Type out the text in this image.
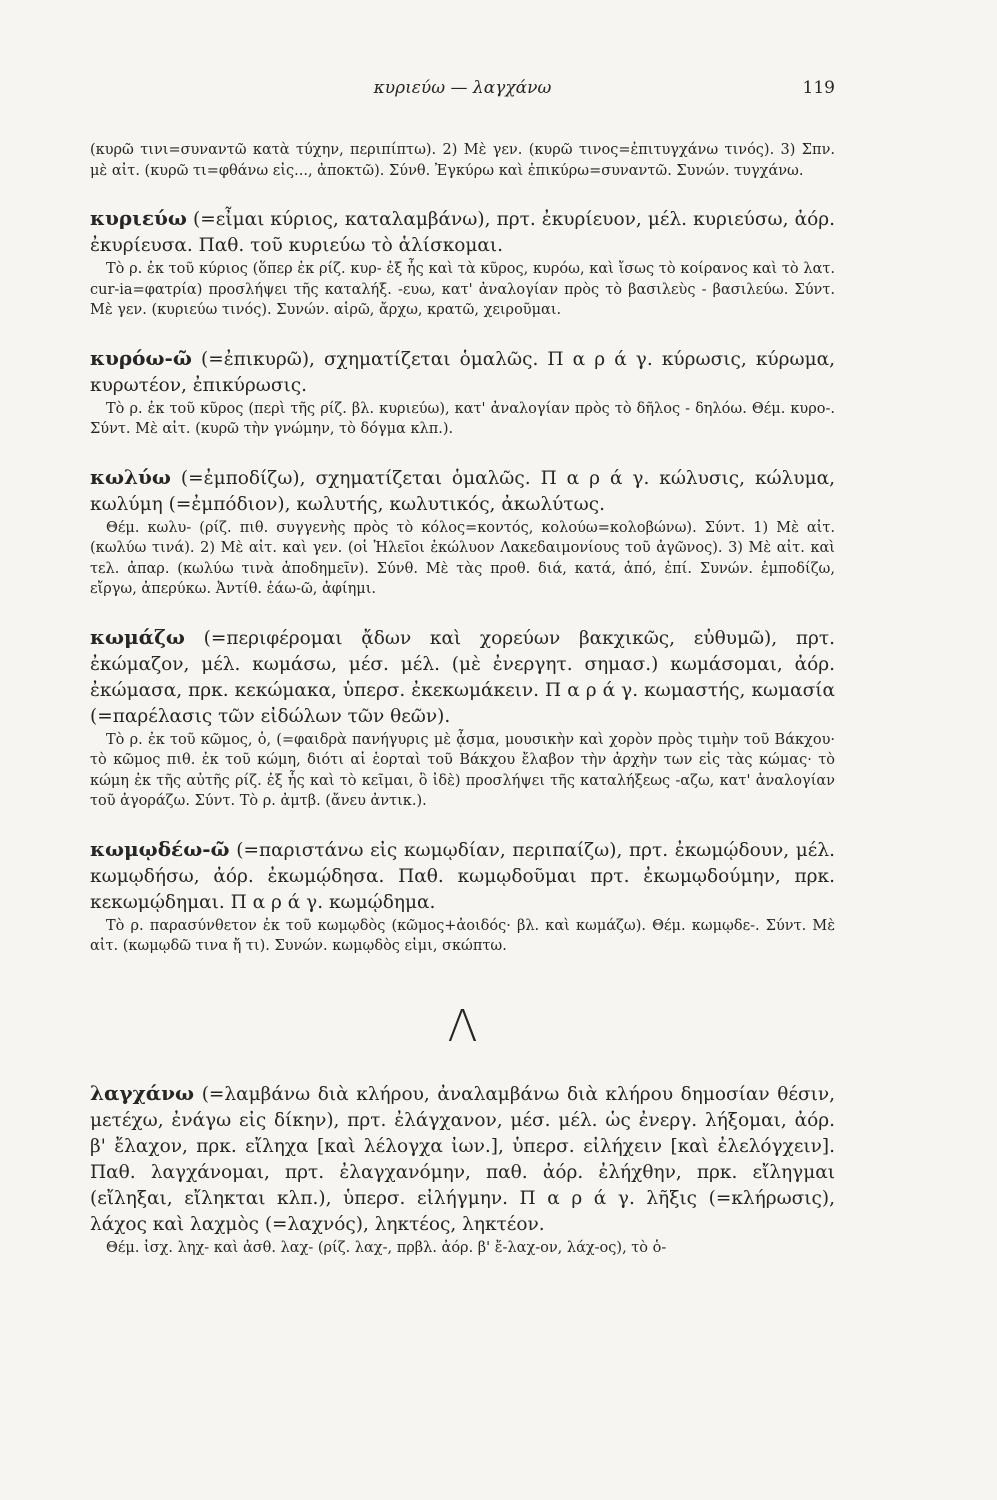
κυριεύω — λαγχάνω	119

(κυρῶ τινι=συναντῶ κατὰ τύχην, περιπίπτω). 2) Μὲ γεν. (κυρῶ τινος=ἐπιτυγχάνω τινός). 3) Σπν. μὲ αἰτ. (κυρῶ τι=φθάνω εἰς..., ἀποκτῶ). Σύνθ. Ἐγκύρω καὶ ἐπικύρω=συναντῶ. Συνών. τυγχάνω.

κυριεύω (=εἶμαι κύριος, καταλαμβάνω), πρτ. ἐκυρίευον, μέλ. κυριεύσω, ἀόρ. ἐκυρίευσα. Παθ. τοῦ κυριεύω τὸ ἁλίσκομαι.

Τὸ ρ. ἐκ τοῦ κύριος (ὅπερ ἐκ ρίζ. κυρ- ἐξ ἧς καὶ τὰ κῦρος, κυρόω, καὶ ἴσως τὸ κοίρανος καὶ τὸ λατ. cur-ia=φατρία) προσλήψει τῆς καταλήξ. -ευω, κατ' ἀναλογίαν πρὸς τὸ βασιλεὺς - βασιλεύω. Σύντ. Μὲ γεν. (κυριεύω τινός). Συνών. αἱρῶ, ἄρχω, κρατῶ, χειροῦμαι.

κυρόω-ῶ (=ἐπικυρῶ), σχηματίζεται ὁμαλῶς. Π α ρ ά γ. κύρωσις, κύρωμα, κυρωτέον, ἐπικύρωσις.

Τὸ ρ. ἐκ τοῦ κῦρος (περὶ τῆς ρίζ. βλ. κυριεύω), κατ' ἀναλογίαν πρὸς τὸ δῆλος - δηλόω. Θέμ. κυρο-. Σύντ. Μὲ αἰτ. (κυρῶ τὴν γνώμην, τὸ δόγμα κλπ.).

κωλύω (=ἐμποδίζω), σχηματίζεται ὁμαλῶς. Π α ρ ά γ. κώλυσις, κώλυμα, κωλύμη (=ἐμπόδιον), κωλυτής, κωλυτικός, ἀκωλύτως.

Θέμ. κωλυ- (ρίζ. πιθ. συγγενὴς πρὸς τὸ κόλος=κοντός, κολούω=κολοβώνω). Σύντ. 1) Μὲ αἰτ. (κωλύω τινά). 2) Μὲ αἰτ. καὶ γεν. (οἱ Ἠλεῖοι ἐκώλυον Λακεδαιμονίους τοῦ ἀγῶνος). 3) Μὲ αἰτ. καὶ τελ. ἀπαρ. (κωλύω τινὰ ἀποδημεῖν). Σύνθ. Μὲ τὰς προθ. διά, κατά, ἀπό, ἐπί. Συνών. ἐμποδίζω, εἴργω, ἀπερύκω. Ἀντίθ. ἐάω-ῶ, ἀφίημι.

κωμάζω (=περιφέρομαι ᾄδων καὶ χορεύων βακχικῶς, εὐθυμῶ), πρτ. ἐκώμαζον, μέλ. κωμάσω, μέσ. μέλ. (μὲ ἐνεργητ. σημασ.) κωμάσομαι, ἀόρ. ἐκώμασα, πρκ. κεκώμακα, ὑπερσ. ἐκεκωμάκειν. Π α ρ ά γ. κωμαστής, κωμασία (=παρέλασις τῶν εἰδώλων τῶν θεῶν).

Τὸ ρ. ἐκ τοῦ κῶμος, ὁ, (=φαιδρὰ πανήγυρις μὲ ᾆσμα, μουσικὴν καὶ χορὸν πρὸς τιμὴν τοῦ Βάκχου· τὸ κῶμος πιθ. ἐκ τοῦ κώμη, διότι αἱ ἑορταὶ τοῦ Βάκχου ἔλαβον τὴν ἀρχὴν των εἰς τὰς κώμας· τὸ κώμη ἐκ τῆς αὐτῆς ρίζ. ἐξ ἧς καὶ τὸ κεῖμαι, ὃ ἰδὲ) προσλήψει τῆς καταλήξεως -αζω, κατ' ἀναλογίαν τοῦ ἀγοράζω. Σύντ. Τὸ ρ. ἀμτβ. (ἄνευ ἀντικ.).

κωμῳδέω-ῶ (=παριστάνω εἰς κωμῳδίαν, περιπαίζω), πρτ. ἐκωμῴδουν, μέλ. κωμῳδήσω, ἀόρ. ἐκωμῴδησα. Παθ. κωμῳδοῦμαι πρτ. ἐκωμῳδούμην, πρκ. κεκωμῴδημαι. Π α ρ ά γ. κωμῴδημα.

Τὸ ρ. παρασύνθετον ἐκ τοῦ κωμῳδὸς (κῶμος+ἀοιδός· βλ. καὶ κωμάζω). Θέμ. κωμῳδε-. Σύντ. Μὲ αἰτ. (κωμῳδῶ τινα ἤ τι). Συνών. κωμῳδὸς εἰμι, σκώπτω.

Λ

λαγχάνω (=λαμβάνω διὰ κλήρου, ἀναλαμβάνω διὰ κλήρου δημοσίαν θέσιν, μετέχω, ἐνάγω εἰς δίκην), πρτ. ἐλάγχανον, μέσ. μέλ. ὡς ἐνεργ. λήξομαι, ἀόρ. β' ἔλαχον, πρκ. εἴληχα [καὶ λέλογχα ἰων.], ὑπερσ. εἰλήχειν [καὶ ἐλελόγχειν]. Παθ. λαγχάνομαι, πρτ. ἐλαγχανόμην, παθ. ἀόρ. ἐλήχθην, πρκ. εἴληγμαι (εἴληξαι, εἴληκται κλπ.), ὑπερσ. εἰλήγμην. Π α ρ ά γ. λῆξις (=κλήρωσις), λάχος καὶ λαχμὸς (=λαχνός), ληκτέος, ληκτέον.

Θέμ. ἰσχ. ληχ- καὶ ἀσθ. λαχ- (ρίζ. λαχ-, πρβλ. ἀόρ. β' ἔ-λαχ-ον, λάχ-ος), τὸ ὁ-
